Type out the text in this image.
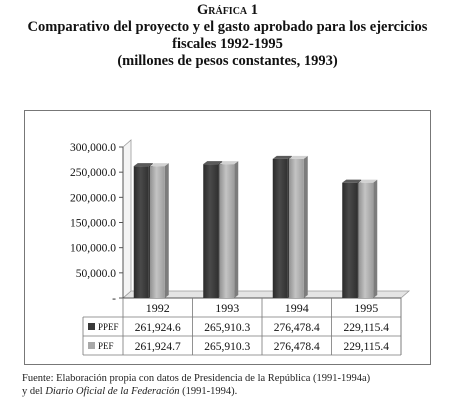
Gráfica 1
Comparativo del proyecto y el gasto aprobado para los ejercicios
fiscales 1992-1995
(millones de pesos constantes, 1993)
-
50,000.0
100,000.0
150,000.0
200,000.0
250,000.0
300,000.0
1992	1993	1994	1995
PPEF 261,924.6 265,910.3 276,478.4 229,115.4
PEF 261,924.7 265,910.3 276,478.4 229,115.4
Fuente: Elaboración propia con datos de Presidencia de la República (1991-1994a)
y del Diario Oficial de la Federación (1991-1994).
